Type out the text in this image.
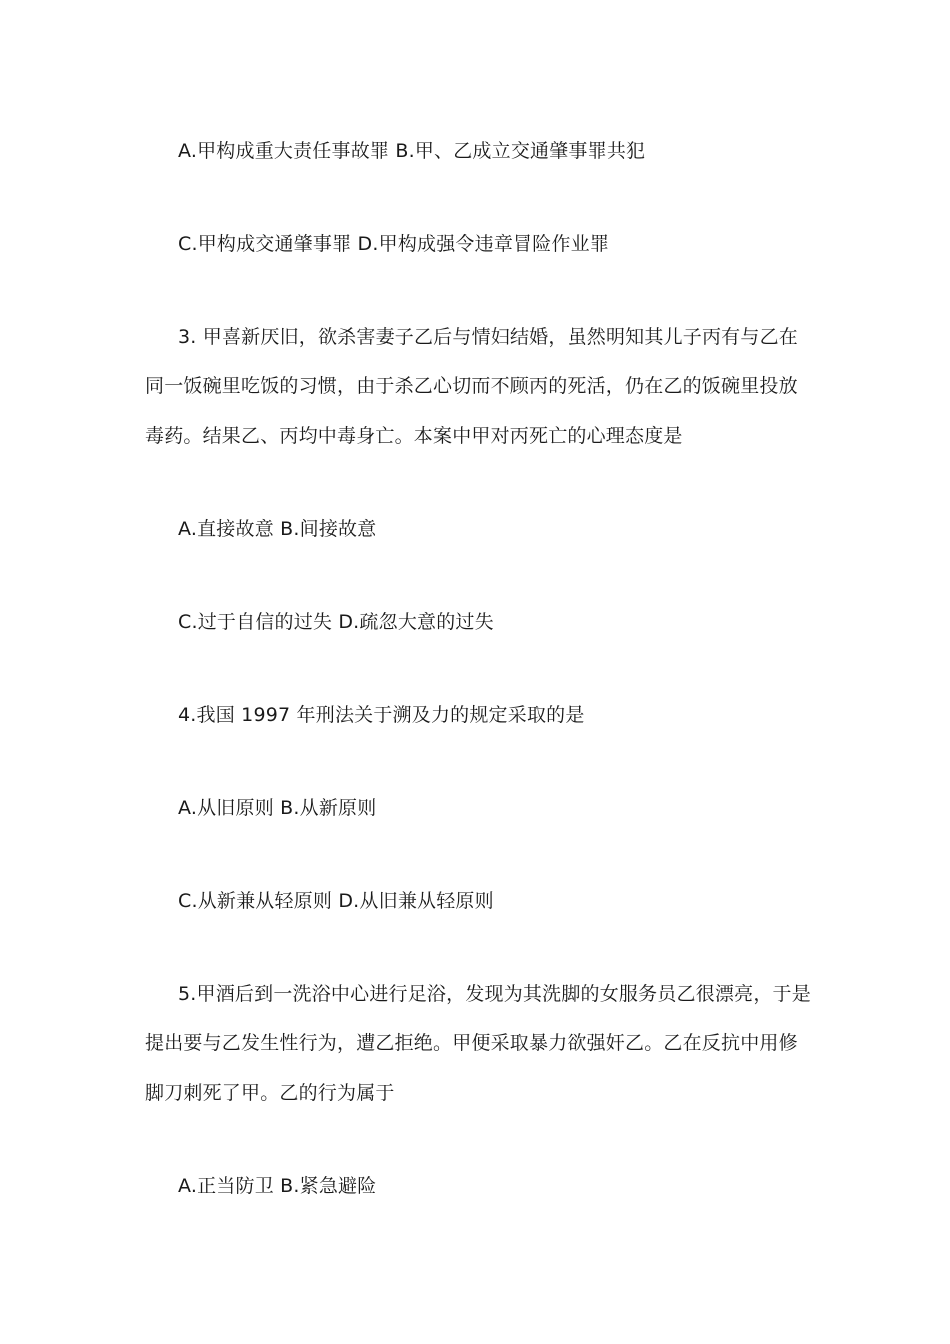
A.甲构成重大责任事故罪 B.甲、乙成立交通肇事罪共犯
C.甲构成交通肇事罪 D.甲构成强令违章冒险作业罪
3. 甲喜新厌旧，欲杀害妻子乙后与情妇结婚，虽然明知其儿子丙有与乙在
同一饭碗里吃饭的习惯，由于杀乙心切而不顾丙的死活，仍在乙的饭碗里投放
毒药。结果乙、丙均中毒身亡。本案中甲对丙死亡的心理态度是
A.直接故意 B.间接故意
C.过于自信的过失 D.疏忽大意的过失
4.我国 1997 年刑法关于溯及力的规定采取的是
A.从旧原则 B.从新原则
C.从新兼从轻原则 D.从旧兼从轻原则
5.甲酒后到一洗浴中心进行足浴，发现为其洗脚的女服务员乙很漂亮，于是
提出要与乙发生性行为，遭乙拒绝。甲便采取暴力欲强奸乙。乙在反抗中用修
脚刀刺死了甲。乙的行为属于
A.正当防卫 B.紧急避险
